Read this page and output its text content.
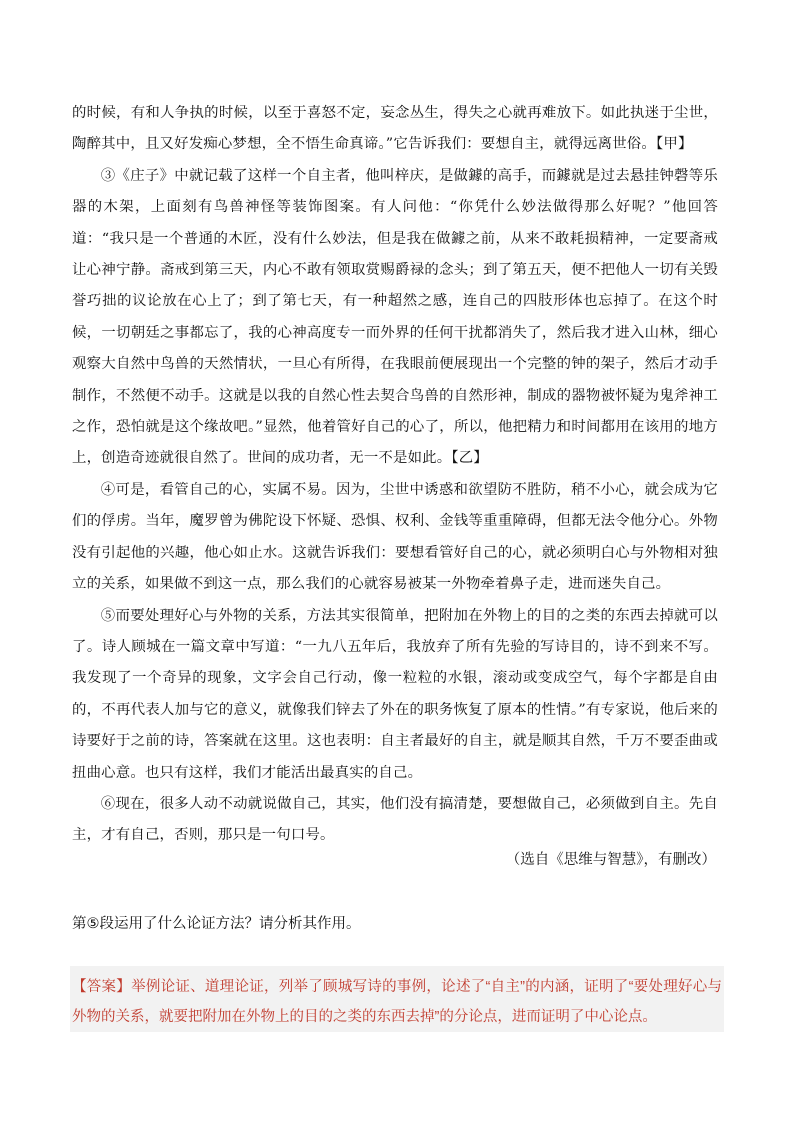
的时候，有和人争执的时候，以至于喜怒不定，妄念丛生，得失之心就再难放下。如此执迷于尘世，陶醉其中，且又好发痴心梦想，全不悟生命真谛。”它告诉我们：要想自主，就得远离世俗。【甲】

③《庄子》中就记载了这样一个自主者，他叫梓庆，是做鐻的高手，而鐻就是过去悬挂钟磬等乐器的木架，上面刻有鸟兽神怪等装饰图案。有人问他：“你凭什么妙法做得那么好呢？”他回答道：“我只是一个普通的木匠，没有什么妙法，但是我在做鐻之前，从来不敢耗损精神，一定要斋戒让心神宁静。斋戒到第三天，内心不敢有领取赏赐爵禄的念头；到了第五天，便不把他人一切有关毁誉巧拙的议论放在心上了；到了第七天，有一种超然之感，连自己的四肢形体也忘掉了。在这个时候，一切朝廷之事都忘了，我的心神高度专一而外界的任何干扰都消失了，然后我才进入山林，细心观察大自然中鸟兽的天然情状，一旦心有所得，在我眼前便展现出一个完整的钟的架子，然后才动手制作，不然便不动手。这就是以我的自然心性去契合鸟兽的自然形神，制成的器物被怀疑为鬼斧神工之作，恐怕就是这个缘故吧。”显然，他着管好自己的心了，所以，他把精力和时间都用在该用的地方上，创造奇迹就很自然了。世间的成功者，无一不是如此。【乙】

④可是，看管自己的心，实属不易。因为，尘世中诱惑和欲望防不胜防，稍不小心，就会成为它们的俘虏。当年，魔罗曾为佛陀设下怀疑、恐惧、权利、金钱等重重障碍，但都无法令他分心。外物没有引起他的兴趣，他心如止水。这就告诉我们：要想看管好自己的心，就必须明白心与外物相对独立的关系，如果做不到这一点，那么我们的心就容易被某一外物牵着鼻子走，进而迷失自己。

⑤而要处理好心与外物的关系，方法其实很简单，把附加在外物上的目的之类的东西去掉就可以了。诗人顾城在一篇文章中写道：“一九八五年后，我放弃了所有先验的写诗目的，诗不到来不写。我发现了一个奇异的现象，文字会自己行动，像一粒粒的水银，滚动或变成空气，每个字都是自由的，不再代表人加与它的意义，就像我们锌去了外在的职务恢复了原本的性情。”有专家说，他后来的诗要好于之前的诗，答案就在这里。这也表明：自主者最好的自主，就是顺其自然，千万不要歪曲或扭曲心意。也只有这样，我们才能活出最真实的自己。

⑥现在，很多人动不动就说做自己，其实，他们没有搞清楚，要想做自己，必须做到自主。先自主，才有自己，否则，那只是一句口号。

（选自《思维与智慧》，有删改）
第⑤段运用了什么论证方法？请分析其作用。
【答案】举例论证、道理论证，列举了顾城写诗的事例，论述了“自主”的内涵，证明了“要处理好心与外物的关系，就要把附加在外物上的目的之类的东西去掉”的分论点，进而证明了中心论点。
